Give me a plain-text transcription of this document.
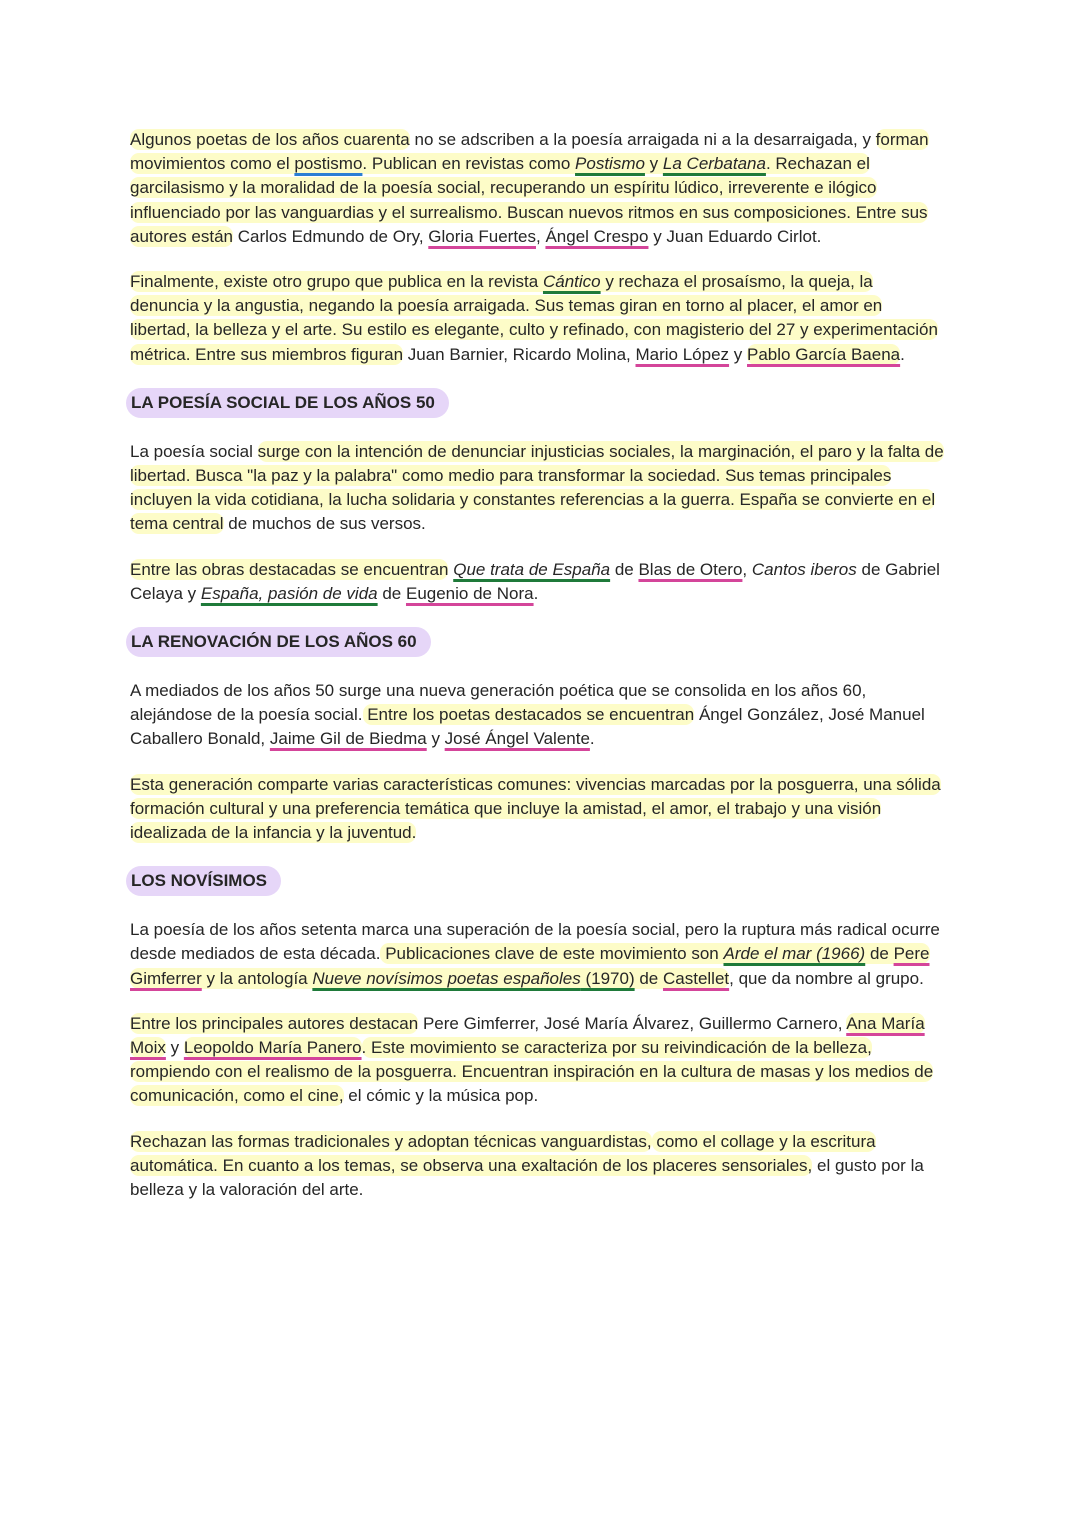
Algunos poetas de los años cuarenta no se adscriben a la poesía arraigada ni a la desarraigada, y forman movimientos como el postismo. Publican en revistas como Postismo y La Cerbatana. Rechazan el garcilasismo y la moralidad de la poesía social, recuperando un espíritu lúdico, irreverente e ilógico influenciado por las vanguardias y el surrealismo. Buscan nuevos ritmos en sus composiciones. Entre sus autores están Carlos Edmundo de Ory, Gloria Fuertes, Ángel Crespo y Juan Eduardo Cirlot.

Finalmente, existe otro grupo que publica en la revista Cántico y rechaza el prosaísmo, la queja, la denuncia y la angustia, negando la poesía arraigada. Sus temas giran en torno al placer, el amor en libertad, la belleza y el arte. Su estilo es elegante, culto y refinado, con magisterio del 27 y experimentación métrica. Entre sus miembros figuran Juan Barnier, Ricardo Molina, Mario López y Pablo García Baena.

LA POESÍA SOCIAL DE LOS AÑOS 50

La poesía social surge con la intención de denunciar injusticias sociales, la marginación, el paro y la falta de libertad. Busca "la paz y la palabra" como medio para transformar la sociedad. Sus temas principales incluyen la vida cotidiana, la lucha solidaria y constantes referencias a la guerra. España se convierte en el tema central de muchos de sus versos.

Entre las obras destacadas se encuentran Que trata de España de Blas de Otero, Cantos iberos de Gabriel Celaya y España, pasión de vida de Eugenio de Nora.

LA RENOVACIÓN DE LOS AÑOS 60

A mediados de los años 50 surge una nueva generación poética que se consolida en los años 60, alejándose de la poesía social. Entre los poetas destacados se encuentran Ángel González, José Manuel Caballero Bonald, Jaime Gil de Biedma y José Ángel Valente.

Esta generación comparte varias características comunes: vivencias marcadas por la posguerra, una sólida formación cultural y una preferencia temática que incluye la amistad, el amor, el trabajo y una visión idealizada de la infancia y la juventud.

LOS NOVÍSIMOS

La poesía de los años setenta marca una superación de la poesía social, pero la ruptura más radical ocurre desde mediados de esta década. Publicaciones clave de este movimiento son Arde el mar (1966) de Pere Gimferrer y la antología Nueve novísimos poetas españoles (1970) de Castellet, que da nombre al grupo.

Entre los principales autores destacan Pere Gimferrer, José María Álvarez, Guillermo Carnero, Ana María Moix y Leopoldo María Panero. Este movimiento se caracteriza por su reivindicación de la belleza, rompiendo con el realismo de la posguerra. Encuentran inspiración en la cultura de masas y los medios de comunicación, como el cine, el cómic y la música pop.

Rechazan las formas tradicionales y adoptan técnicas vanguardistas, como el collage y la escritura automática. En cuanto a los temas, se observa una exaltación de los placeres sensoriales, el gusto por la belleza y la valoración del arte.
